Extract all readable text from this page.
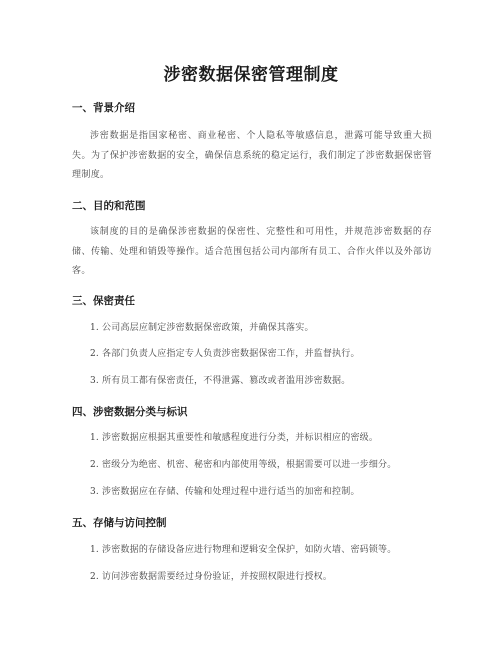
涉密数据保密管理制度
一、背景介绍
涉密数据是指国家秘密、商业秘密、个人隐私等敏感信息，泄露可能导致重大损失。为了保护涉密数据的安全，确保信息系统的稳定运行，我们制定了涉密数据保密管理制度。
二、目的和范围
该制度的目的是确保涉密数据的保密性、完整性和可用性，并规范涉密数据的存储、传输、处理和销毁等操作。适合范围包括公司内部所有员工、合作火伴以及外部访客。
三、保密责任
1. 公司高层应制定涉密数据保密政策，并确保其落实。
2. 各部门负责人应指定专人负责涉密数据保密工作，并监督执行。
3. 所有员工都有保密责任，不得泄露、篡改或者滥用涉密数据。
四、涉密数据分类与标识
1. 涉密数据应根据其重要性和敏感程度进行分类，并标识相应的密级。
2. 密级分为绝密、机密、秘密和内部使用等级，根据需要可以进一步细分。
3. 涉密数据应在存储、传输和处理过程中进行适当的加密和控制。
五、存储与访问控制
1. 涉密数据的存储设备应进行物理和逻辑安全保护，如防火墙、密码锁等。
2. 访问涉密数据需要经过身份验证，并按照权限进行授权。
